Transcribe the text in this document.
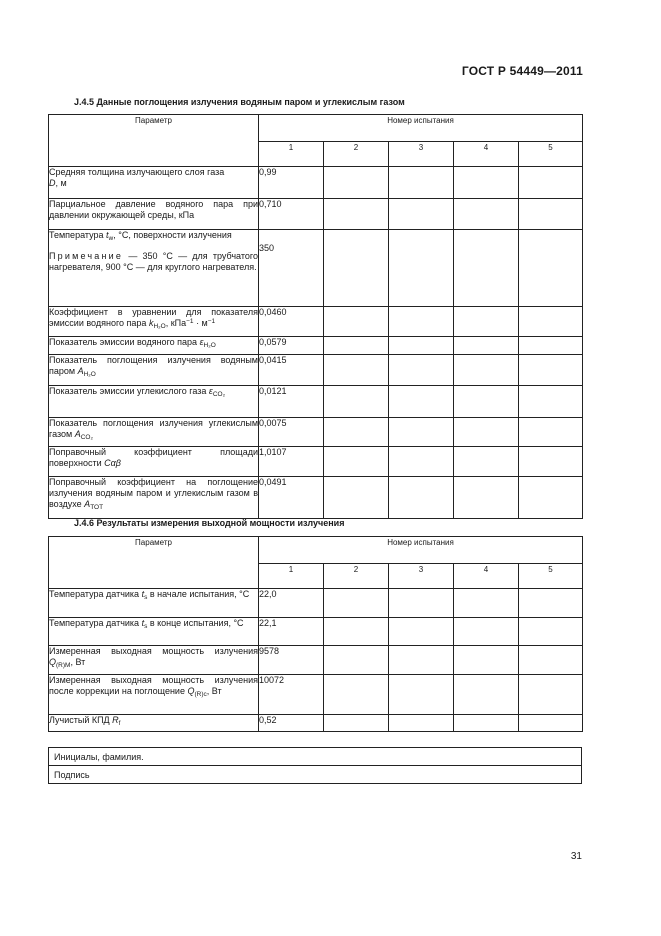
ГОСТ Р 54449—2011
J.4.5 Данные поглощения излучения водяным паром и углекислым газом
Параметр	Номер испытания				
	1	2	3	4	5
Средняя толщина излучающего слоя газа
D, м	0,99				
Парциальное давление водяного пара при давлении окружающей среды, кПа	0,710				

Температура $t_w$, °С, поверхности излучения
Примечание — 350 °С — для трубчатого нагревателя, 900 °С — для круглого нагревателя.	350				
Коэффициент в уравнении для показателя эмиссии водяного пара $k_{H_2O}$, $кПа^{-1} \cdot м^{-1}$	0,0460				
Показатель эмиссии водяного пара $\varepsilon_{H_2O}$	0,0579				
Показатель поглощения излучения водяным паром $A_{H_2O}$	0,0415				
Показатель эмиссии углекислого газа $\varepsilon_{CO_2}$	0,0121				
Показатель поглощения излучения углекислым газом $A_{CO_2}$	0,0075				
Поправочный коэффициент площади поверхности Cαβ	1,0107				
Поправочный коэффициент на поглощение излучения водяным паром и углекислым газом в воздухе $A_{TOT}$	0,0491				
J.4.6 Результаты измерения выходной мощности излучения
Параметр	Номер испытания				
	1	2	3	4	5
Температура датчика $t_s$ в начале испытания, °С	22,0				
Температура датчика $t_s$ в конце испытания, °С	22,1				
Измеренная выходная мощность излучения $Q_{(R)M}$, Вт	9578				
Измеренная выходная мощность излучения после коррекции на поглощение $Q_{(R)c}$, Вт	10072				
Лучистый КПД $R_f$	0,52				
Инициалы, фамилия.
Подпись
31
